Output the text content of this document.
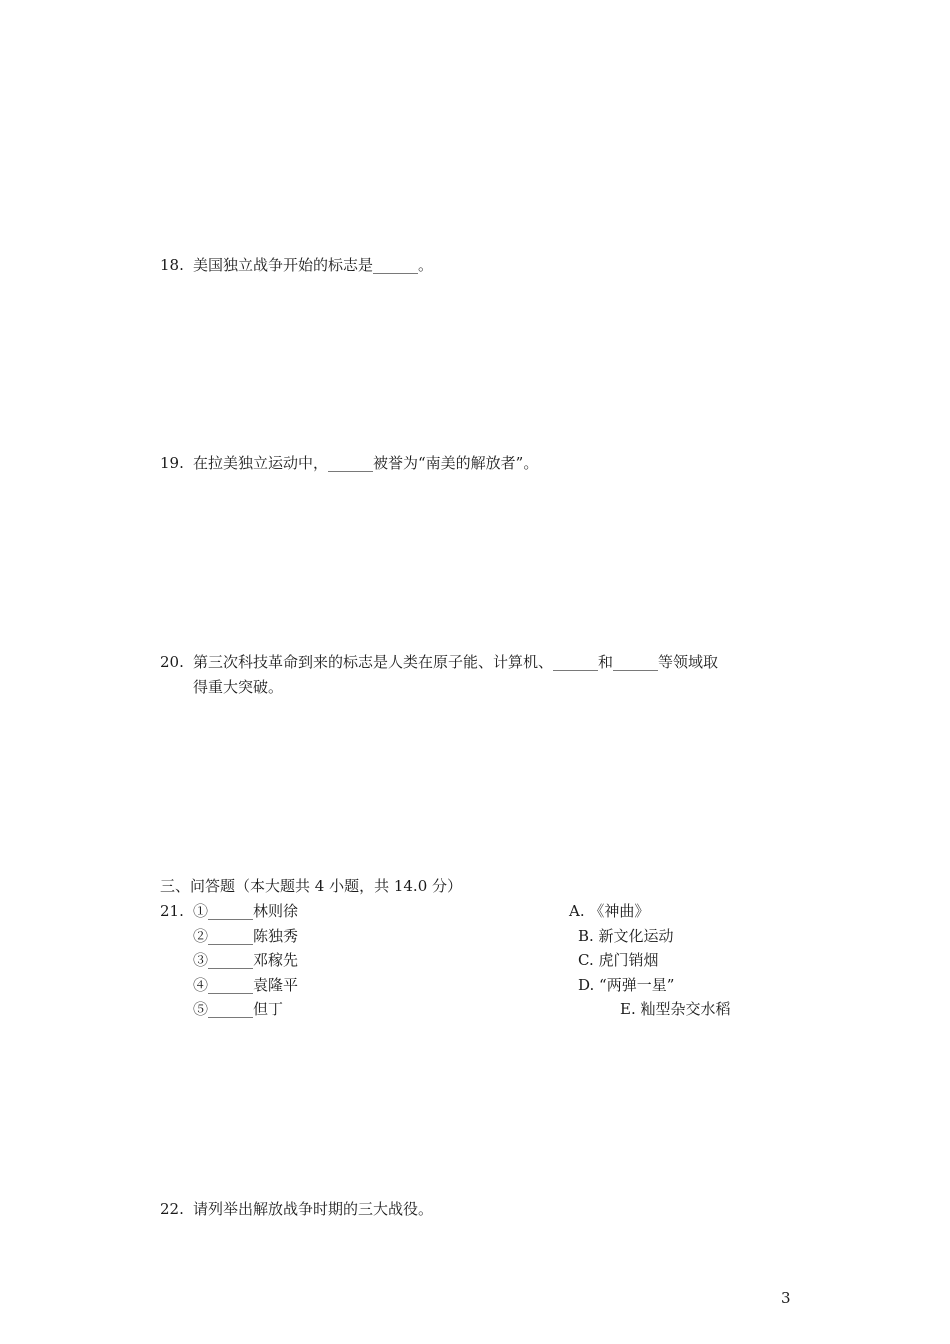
18. 美国独立战争开始的标志是______。
19. 在拉美独立运动中，______被誉为“南美的解放者”。
20. 第三次科技革命到来的标志是人类在原子能、计算机、______和______等领域取
得重大突破。
三、问答题（本大题共 4 小题，共 14.0 分）
21. ①______林则徐
②______陈独秀
③______邓稼先
④______袁隆平
⑤______但丁
A. 《神曲》
B. 新文化运动
C. 虎门销烟
D. “两弹一星”
E. 籼型杂交水稻
22. 请列举出解放战争时期的三大战役。
3
